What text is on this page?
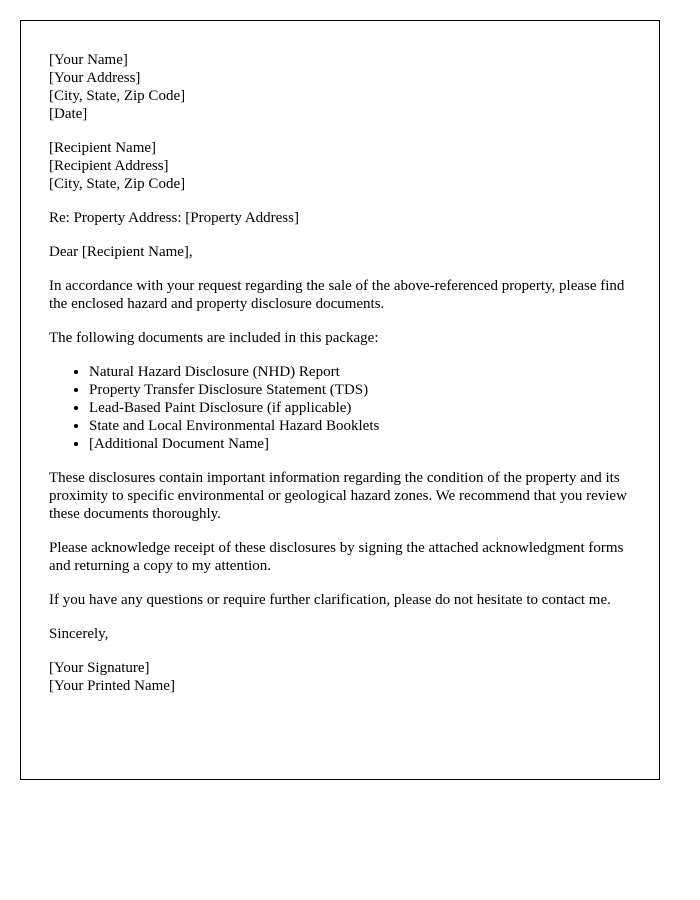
[Your Name]
[Your Address]
[City, State, Zip Code]
[Date]
[Recipient Name]
[Recipient Address]
[City, State, Zip Code]

Re: Property Address: [Property Address]

Dear [Recipient Name],

In accordance with your request regarding the sale of the above-referenced property, please find the enclosed hazard and property disclosure documents.

The following documents are included in this package:

• Natural Hazard Disclosure (NHD) Report
• Property Transfer Disclosure Statement (TDS)
• Lead-Based Paint Disclosure (if applicable)
• State and Local Environmental Hazard Booklets
• [Additional Document Name]

These disclosures contain important information regarding the condition of the property and its proximity to specific environmental or geological hazard zones. We recommend that you review these documents thoroughly.

Please acknowledge receipt of these disclosures by signing the attached acknowledgment forms and returning a copy to my attention.

If you have any questions or require further clarification, please do not hesitate to contact me.

Sincerely,

[Your Signature]
[Your Printed Name]
